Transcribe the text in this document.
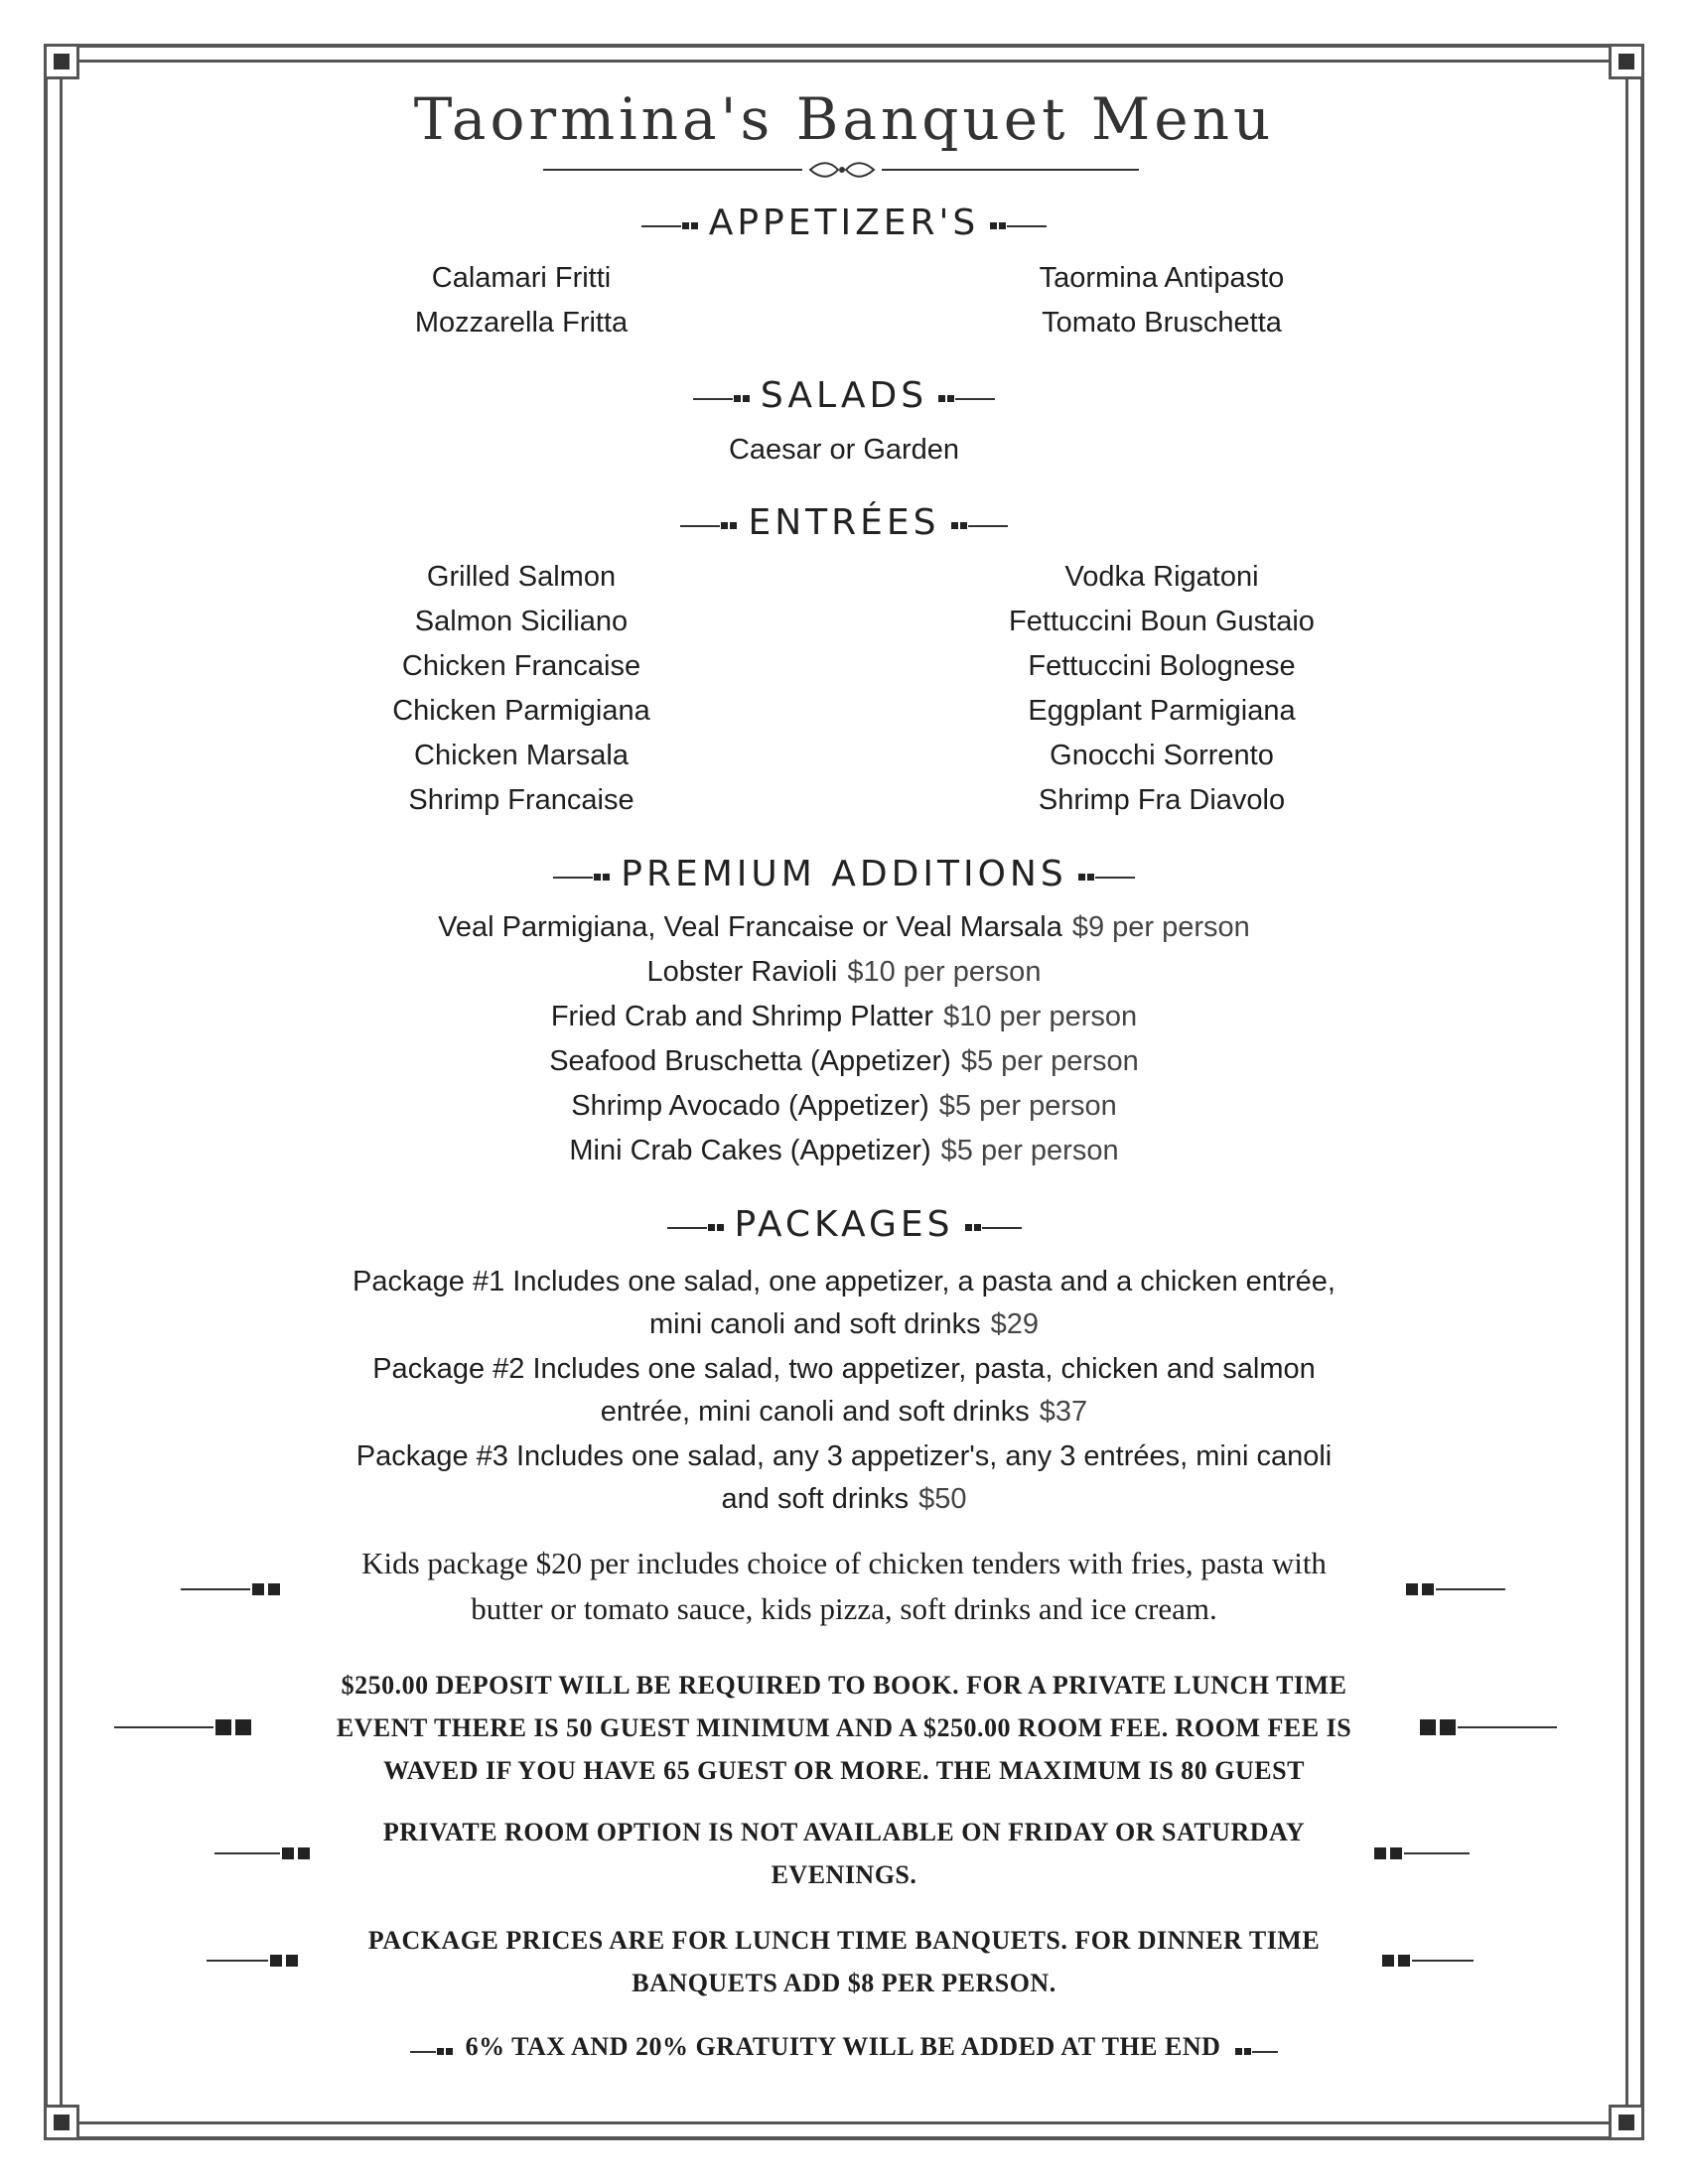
Taormina's Banquet Menu
APPETIZER'S
Calamari Fritti
Mozzarella Fritta
Taormina Antipasto
Tomato Bruschetta
SALADS
Caesar or Garden
ENTRÉES
Grilled Salmon
Salmon Siciliano
Chicken Francaise
Chicken Parmigiana
Chicken Marsala
Shrimp Francaise
Vodka Rigatoni
Fettuccini Boun Gustaio
Fettuccini Bolognese
Eggplant Parmigiana
Gnocchi Sorrento
Shrimp Fra Diavolo
PREMIUM ADDITIONS
Veal Parmigiana, Veal Francaise or Veal Marsala $9 per person
Lobster Ravioli $10 per person
Fried Crab and Shrimp Platter $10 per person
Seafood Bruschetta (Appetizer) $5 per person
Shrimp Avocado (Appetizer) $5 per person
Mini Crab Cakes (Appetizer) $5 per person
PACKAGES
Package #1 Includes one salad, one appetizer, a pasta and a chicken entrée,
mini canoli and soft drinks $29
Package #2 Includes one salad, two appetizer, pasta, chicken and salmon
entrée, mini canoli and soft drinks $37
Package #3 Includes one salad, any 3 appetizer's, any 3 entrées, mini canoli
and soft drinks $50
Kids package $20 per includes choice of chicken tenders with fries, pasta with
butter or tomato sauce, kids pizza, soft drinks and ice cream.
$250.00 DEPOSIT WILL BE REQUIRED TO BOOK. FOR A PRIVATE LUNCH TIME
EVENT THERE IS 50 GUEST MINIMUM AND A $250.00 ROOM FEE. ROOM FEE IS
WAVED IF YOU HAVE 65 GUEST OR MORE. THE MAXIMUM IS 80 GUEST
PRIVATE ROOM OPTION IS NOT AVAILABLE ON FRIDAY OR SATURDAY
EVENINGS.
PACKAGE PRICES ARE FOR LUNCH TIME BANQUETS. FOR DINNER TIME
BANQUETS ADD $8 PER PERSON.
6% TAX AND 20% GRATUITY WILL BE ADDED AT THE END
